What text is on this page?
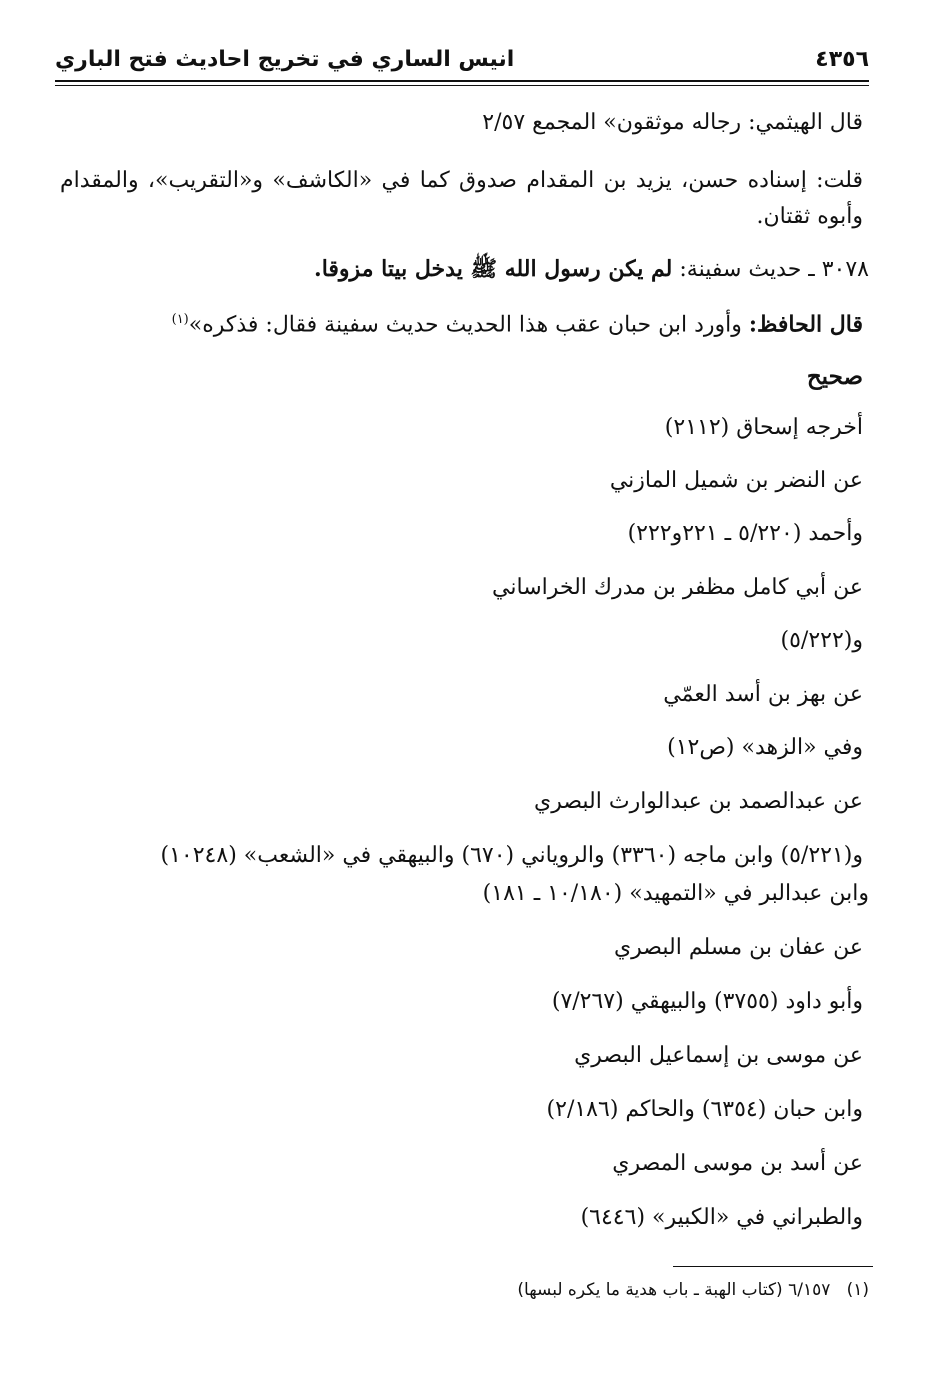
٤٣٥٦
انيس الساري في تخريج احاديث فتح الباري
قال الهيثمي: رجاله موثقون» المجمع ٢/٥٧
قلت: إسناده حسن، يزيد بن المقدام صدوق كما في «الكاشف» و«التقريب»، والمقدام وأبوه ثقتان.
٣٠٧٨ ـ حديث سفينة: لم يكن رسول الله ﷺ يدخل بيتا مزوقا.
قال الحافظ: وأورد ابن حبان عقب هذا الحديث حديث سفينة فقال: فذكره»$^{(١)}$
صحيح
أخرجه إسحاق (٢١١٢)
عن النضر بن شميل المازني
وأحمد (٥/٢٢٠ ـ ٢٢١و٢٢٢)
عن أبي كامل مظفر بن مدرك الخراساني
و(٥/٢٢٢)
عن بهز بن أسد العمّي
وفي «الزهد» (ص١٢)
عن عبدالصمد بن عبدالوارث البصري
و(٥/٢٢١) وابن ماجه (٣٣٦٠) والروياني (٦٧٠) والبيهقي في «الشعب» (١٠٢٤٨)
وابن عبدالبر في «التمهيد» (١٠/١٨٠ ـ ١٨١)
عن عفان بن مسلم البصري
وأبو داود (٣٧٥٥) والبيهقي (٧/٢٦٧)
عن موسى بن إسماعيل البصري
وابن حبان (٦٣٥٤) والحاكم (٢/١٨٦)
عن أسد بن موسى المصري
والطبراني في «الكبير» (٦٤٤٦)
(١)   ٦/١٥٧ (كتاب الهبة ـ باب هدية ما يكره لبسها)
